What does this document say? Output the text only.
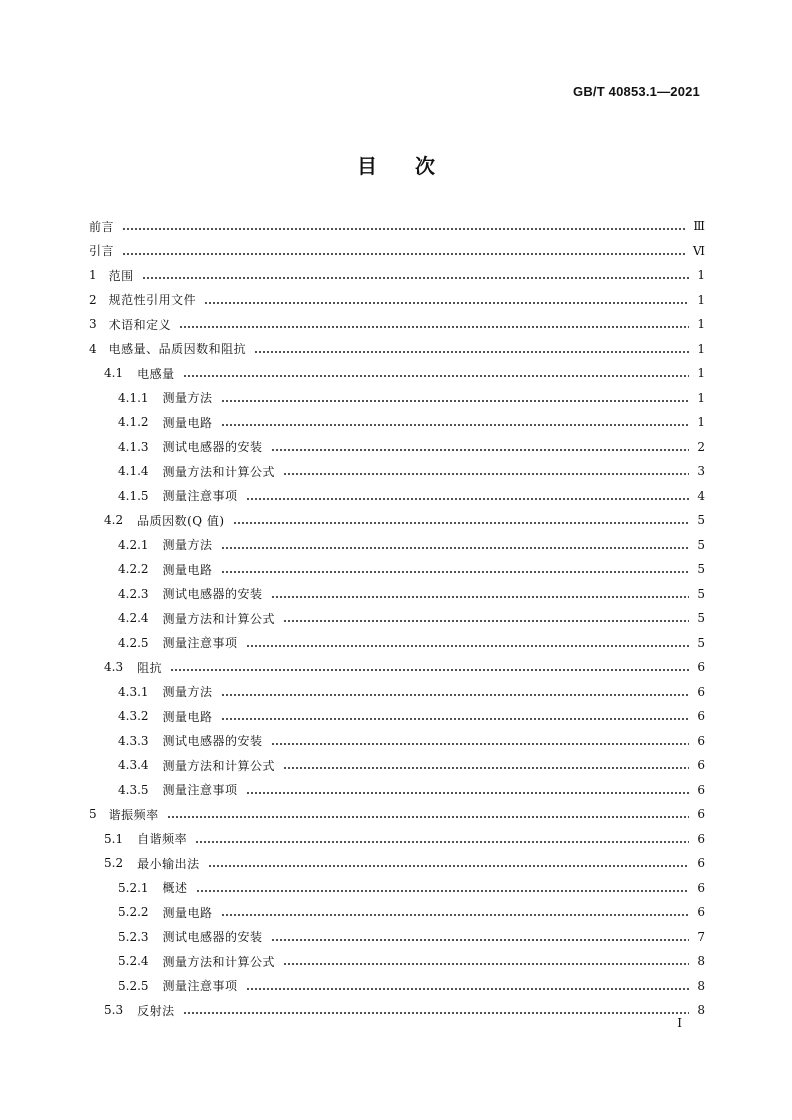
GB/T 40853.1—2021
目 次
前言	Ⅲ
引言	Ⅵ
1 范围	1
2 规范性引用文件	1
3 术语和定义	1
4 电感量、品质因数和阻抗	1
4.1 电感量	1
4.1.1 测量方法	1
4.1.2 测量电路	1
4.1.3 测试电感器的安装	2
4.1.4 测量方法和计算公式	3
4.1.5 测量注意事项	4
4.2 品质因数(Q 值)	5
4.2.1 测量方法	5
4.2.2 测量电路	5
4.2.3 测试电感器的安装	5
4.2.4 测量方法和计算公式	5
4.2.5 测量注意事项	5
4.3 阻抗	6
4.3.1 测量方法	6
4.3.2 测量电路	6
4.3.3 测试电感器的安装	6
4.3.4 测量方法和计算公式	6
4.3.5 测量注意事项	6
5 谐振频率	6
5.1 自谐频率	6
5.2 最小输出法	6
5.2.1 概述	6
5.2.2 测量电路	6
5.2.3 测试电感器的安装	7
5.2.4 测量方法和计算公式	8
5.2.5 测量注意事项	8
5.3 反射法	8
I
